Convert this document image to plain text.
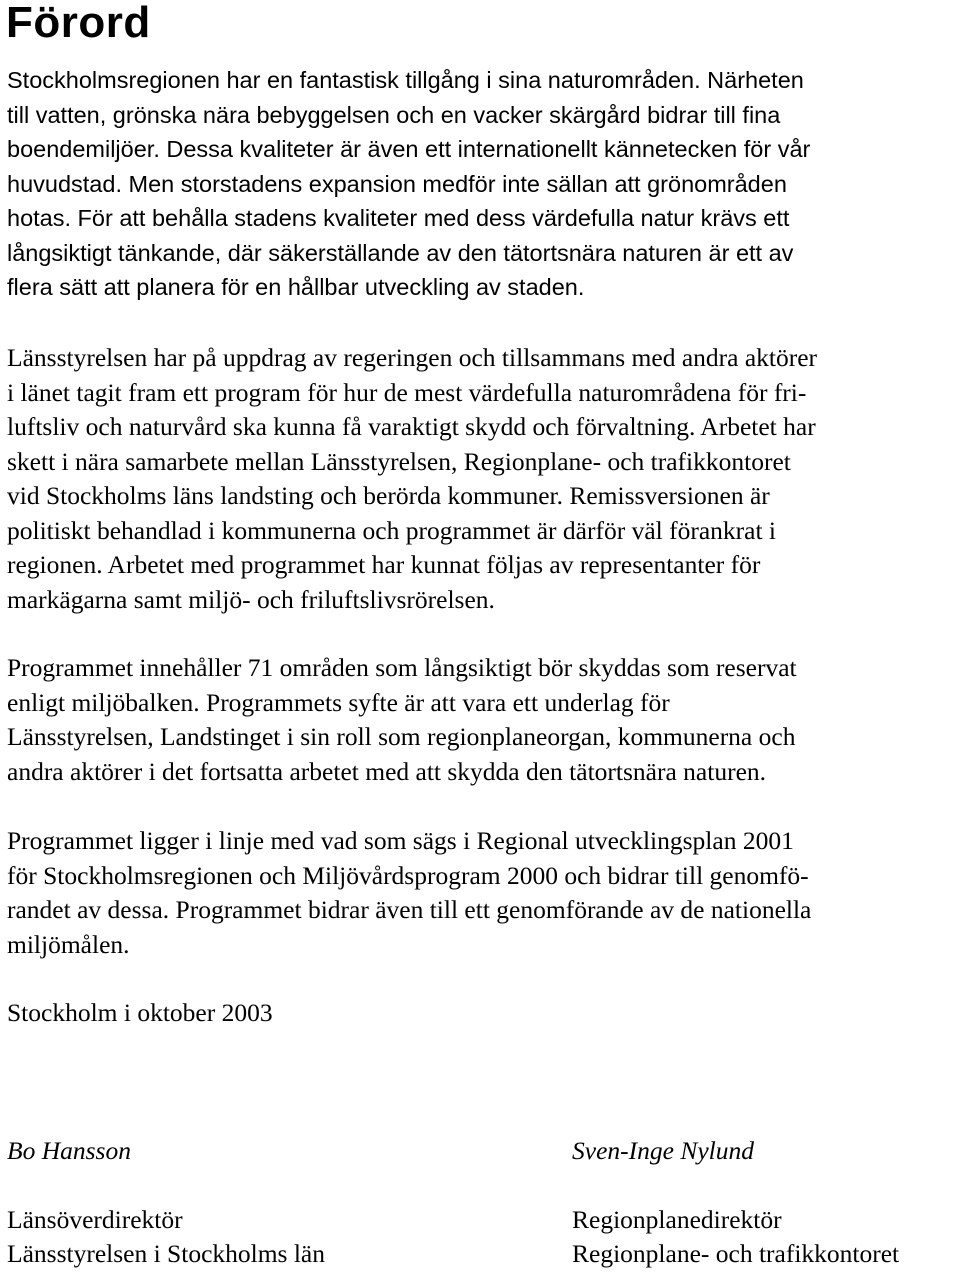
Förord

Stockholmsregionen har en fantastisk tillgång i sina naturområden. Närheten
till vatten, grönska nära bebyggelsen och en vacker skärgård bidrar till fina
boendemiljöer. Dessa kvaliteter är även ett internationellt kännetecken för vår
huvudstad. Men storstadens expansion medför inte sällan att grönområden
hotas. För att behålla stadens kvaliteter med dess värdefulla natur krävs ett
långsiktigt tänkande, där säkerställande av den tätortsnära naturen är ett av
flera sätt att planera för en hållbar utveckling av staden.

Länsstyrelsen har på uppdrag av regeringen och tillsammans med andra aktörer
i länet tagit fram ett program för hur de mest värdefulla naturområdena för fri-
luftsliv och naturvård ska kunna få varaktigt skydd och förvaltning. Arbetet har
skett i nära samarbete mellan Länsstyrelsen, Regionplane- och trafikkontoret
vid Stockholms läns landsting och berörda kommuner. Remissversionen är
politiskt behandlad i kommunerna och programmet är därför väl förankrat i
regionen. Arbetet med programmet har kunnat följas av representanter för
markägarna samt miljö- och friluftslivsrörelsen.

Programmet innehåller 71 områden som långsiktigt bör skyddas som reservat
enligt miljöbalken. Programmets syfte är att vara ett underlag för
Länsstyrelsen, Landstinget i sin roll som regionplaneorgan, kommunerna och
andra aktörer i det fortsatta arbetet med att skydda den tätortsnära naturen.

Programmet ligger i linje med vad som sägs i Regional utvecklingsplan 2001
för Stockholmsregionen och Miljövårdsprogram 2000 och bidrar till genomfö-
randet av dessa. Programmet bidrar även till ett genomförande av de nationella
miljömålen.

Stockholm i oktober 2003

Bo Hansson
Länsöverdirektör
Länsstyrelsen i Stockholms län
Sven-Inge Nylund
Regionplanedirektör
Regionplane- och trafikkontoret
